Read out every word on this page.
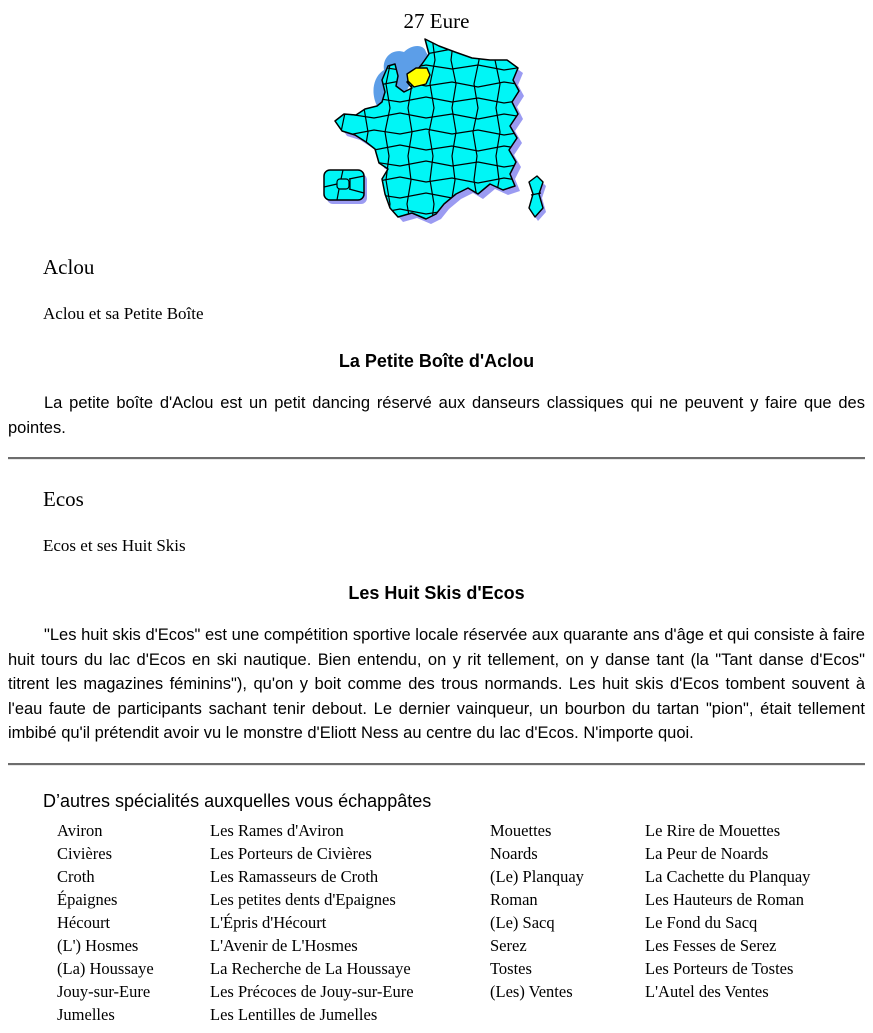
27 Eure
Aclou

Aclou et sa Petite Boîte

La Petite Boîte d'Aclou

La petite boîte d'Aclou est un petit dancing réservé aux danseurs classiques qui ne peuvent y faire que des pointes.

Ecos

Ecos et ses Huit Skis

Les Huit Skis d'Ecos

"Les huit skis d'Ecos" est une compétition sportive locale réservée aux quarante ans d'âge et qui consiste à faire huit tours du lac d'Ecos en ski nautique. Bien entendu, on y rit tellement, on y danse tant (la "Tant danse d'Ecos" titrent les magazines féminins"), qu'on y boit comme des trous normands. Les huit skis d'Ecos tombent souvent à l'eau faute de participants sachant tenir debout. Le dernier vainqueur, un bourbon du tartan "pion", était tellement imbibé qu'il prétendit avoir vu le monstre d'Eliott Ness au centre du lac d'Ecos. N'importe quoi.

D’autres spécialités auxquelles vous échappâtes

Aviron	Les Rames d'Aviron	Mouettes	Le Rire de Mouettes
Civières	Les Porteurs de Civières	Noards	La Peur de Noards
Croth	Les Ramasseurs de Croth	(Le) Planquay	La Cachette du Planquay
Épaignes	Les petites dents d'Epaignes	Roman	Les Hauteurs de Roman
Hécourt	L'Épris d'Hécourt	(Le) Sacq	Le Fond du Sacq
(L') Hosmes	L'Avenir de L'Hosmes	Serez	Les Fesses de Serez
(La) Houssaye	La Recherche de La Houssaye	Tostes	Les Porteurs de Tostes
Jouy-sur-Eure	Les Précoces de Jouy-sur-Eure	(Les) Ventes	L'Autel des Ventes
Jumelles	Les Lentilles de Jumelles
